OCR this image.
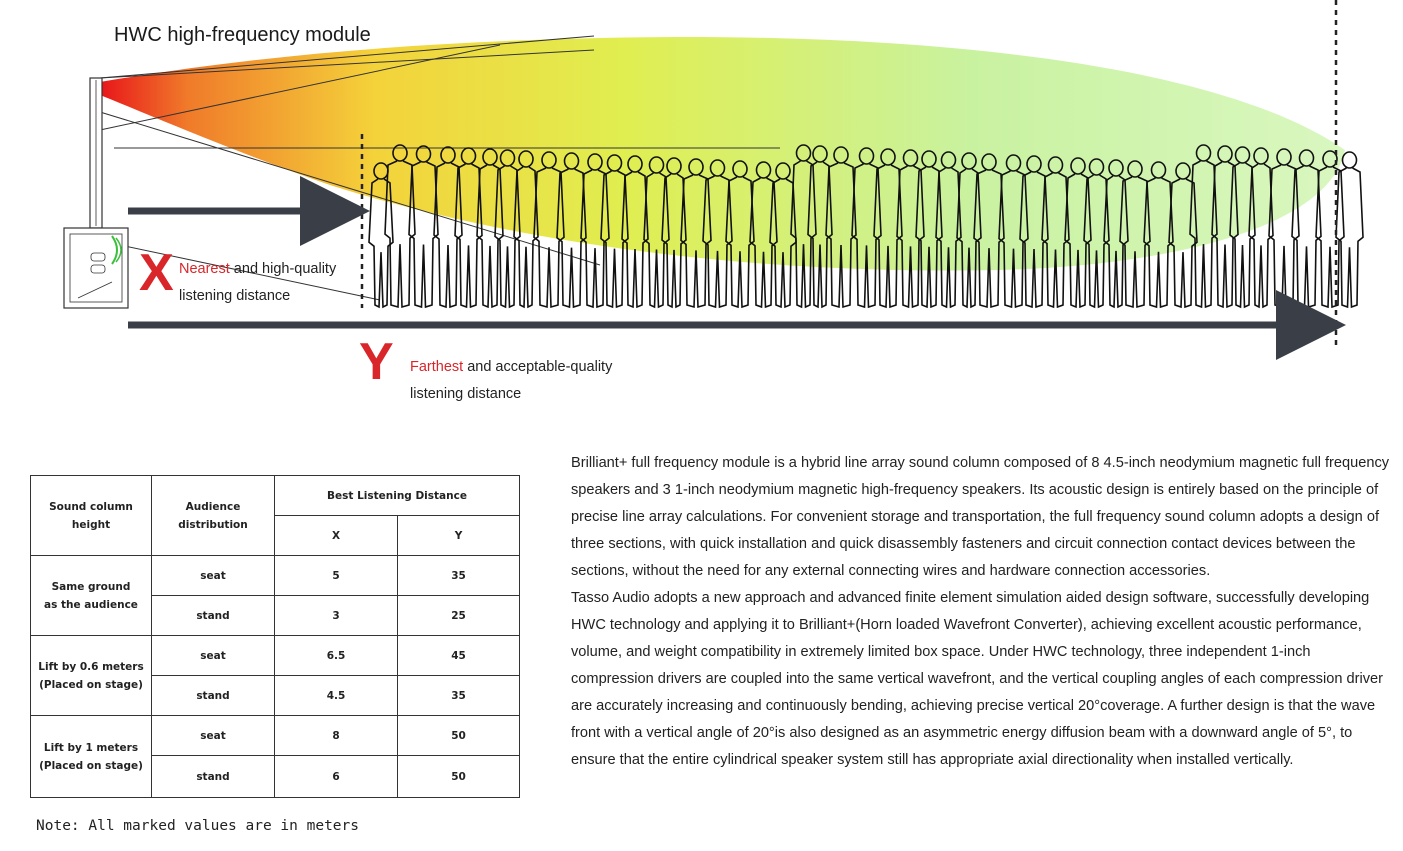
HWC high-frequency module
X Nearest and high-quality
listening distance
Y Farthest and acceptable-quality
listening distance
Sound column height	Audience distribution	Best Listening Distance	
		X	Y
Same ground
as the audience	seat	5	35
	stand	3	25
Lift by 0.6 meters
(Placed on stage)	seat	6.5	45
	stand	4.5	35
Lift by 1 meters
(Placed on stage)	seat	8	50
	stand	6	50
Note: All marked values are in meters

Brilliant+ full frequency module is a hybrid line array sound column composed of 8 4.5-inch neodymium magnetic full frequency speakers and 3 1-inch neodymium magnetic high-frequency speakers. Its acoustic design is entirely based on the principle of precise line array calculations. For convenient storage and transportation, the full frequency sound column adopts a design of three sections, with quick installation and quick disassembly fasteners and circuit connection contact devices between the sections, without the need for any external connecting wires and hardware connection accessories.

Tasso Audio adopts a new approach and advanced finite element simulation aided design software, successfully developing HWC technology and applying it to Brilliant+(Horn loaded Wavefront Converter), achieving excellent acoustic performance, volume, and weight compatibility in extremely limited box space. Under HWC technology, three independent 1-inch compression drivers are coupled into the same vertical wavefront, and the vertical coupling angles of each compression driver are accurately increasing and continuously bending, achieving precise vertical 20°coverage. A further design is that the wave front with a vertical angle of 20°is also designed as an asymmetric energy diffusion beam with a downward angle of 5°, to ensure that the entire cylindrical speaker system still has appropriate axial directionality when installed vertically.
